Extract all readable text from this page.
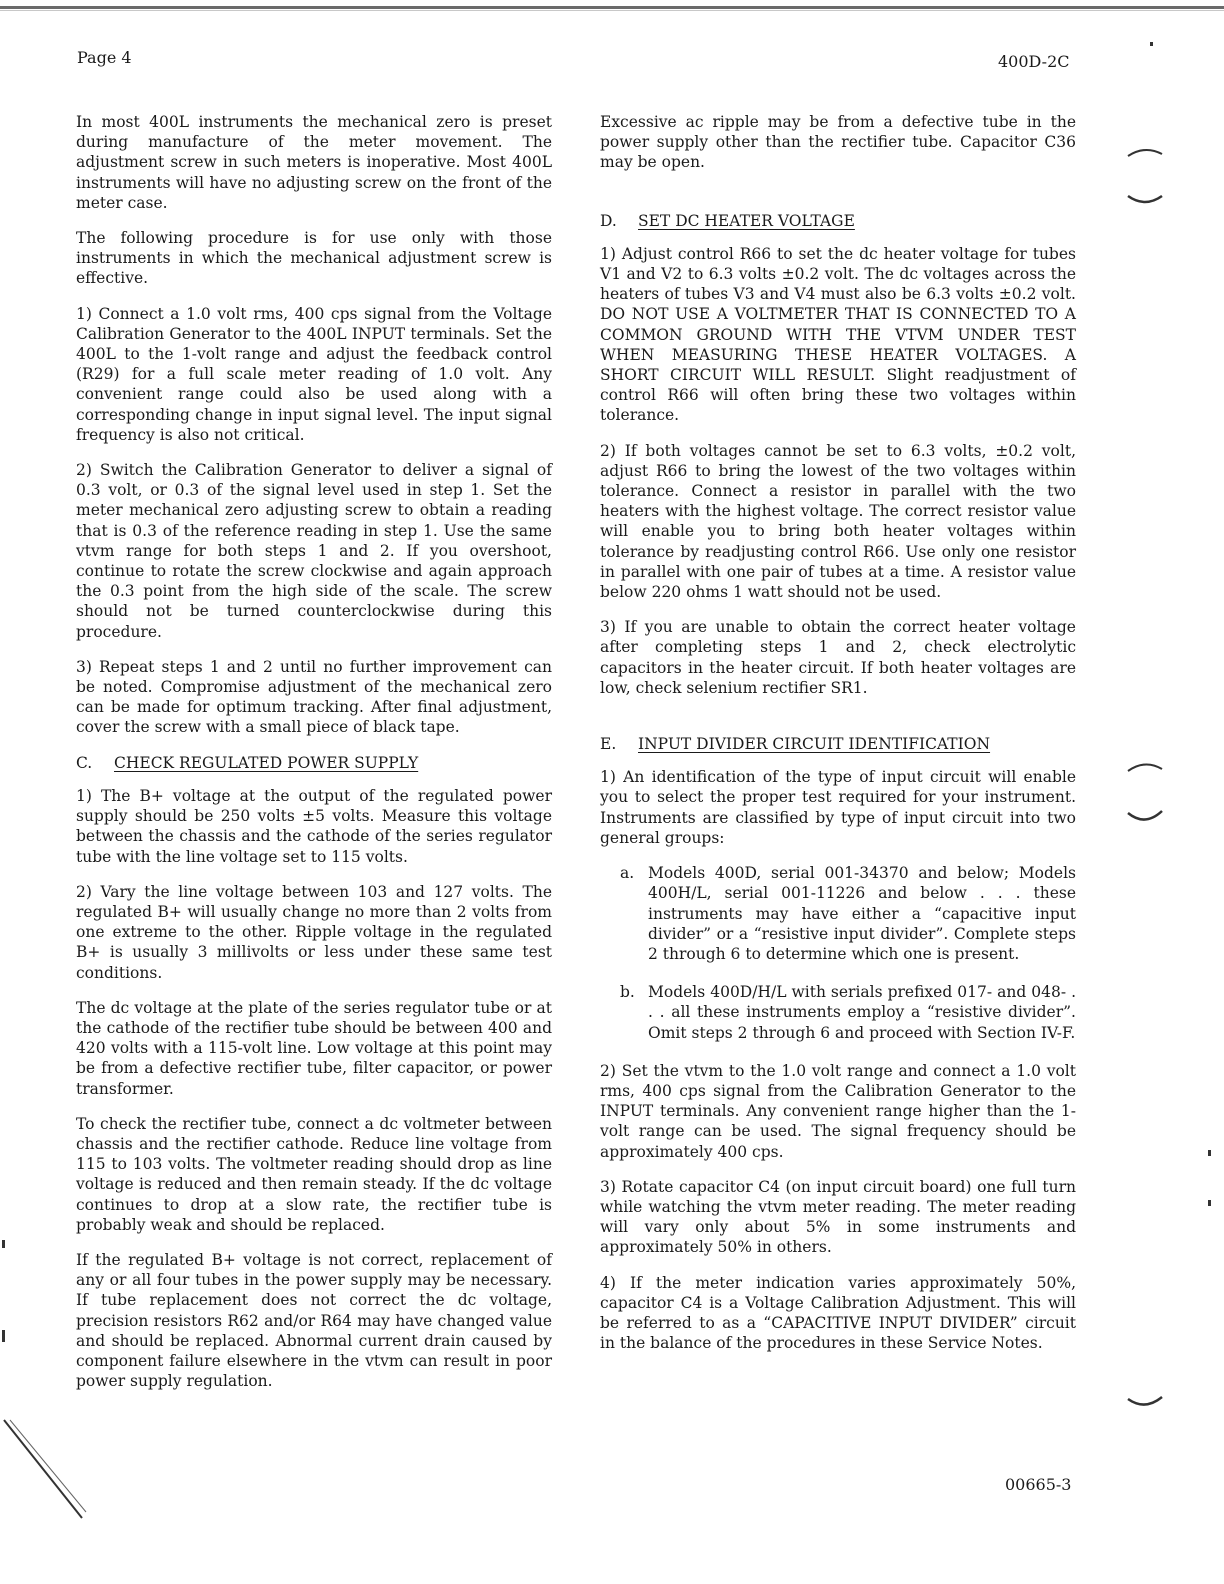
Page 4	400D-2C

In most 400L instruments the mechanical zero is preset during manufacture of the meter movement. The adjustment screw in such meters is inoperative. Most 400L instruments will have no adjusting screw on the front of the meter case.

The following procedure is for use only with those instruments in which the mechanical adjustment screw is effective.

1) Connect a 1.0 volt rms, 400 cps signal from the Voltage Calibration Generator to the 400L INPUT terminals. Set the 400L to the 1-volt range and adjust the feedback control (R29) for a full scale meter reading of 1.0 volt. Any convenient range could also be used along with a corresponding change in input signal level. The input signal frequency is also not critical.

2) Switch the Calibration Generator to deliver a signal of 0.3 volt, or 0.3 of the signal level used in step 1. Set the meter mechanical zero adjusting screw to obtain a reading that is 0.3 of the reference reading in step 1. Use the same vtvm range for both steps 1 and 2. If you overshoot, continue to rotate the screw clockwise and again approach the 0.3 point from the high side of the scale. The screw should not be turned counterclockwise during this procedure.

3) Repeat steps 1 and 2 until no further improvement can be noted. Compromise adjustment of the mechanical zero can be made for optimum tracking. After final adjustment, cover the screw with a small piece of black tape.

C. CHECK REGULATED POWER SUPPLY

1) The B+ voltage at the output of the regulated power supply should be 250 volts ±5 volts. Measure this voltage between the chassis and the cathode of the series regulator tube with the line voltage set to 115 volts.

2) Vary the line voltage between 103 and 127 volts. The regulated B+ will usually change no more than 2 volts from one extreme to the other. Ripple voltage in the regulated B+ is usually 3 millivolts or less under these same test conditions.

The dc voltage at the plate of the series regulator tube or at the cathode of the rectifier tube should be between 400 and 420 volts with a 115-volt line. Low voltage at this point may be from a defective rectifier tube, filter capacitor, or power transformer.

To check the rectifier tube, connect a dc voltmeter between chassis and the rectifier cathode. Reduce line voltage from 115 to 103 volts. The voltmeter reading should drop as line voltage is reduced and then remain steady. If the dc voltage continues to drop at a slow rate, the rectifier tube is probably weak and should be replaced.

If the regulated B+ voltage is not correct, replacement of any or all four tubes in the power supply may be necessary. If tube replacement does not correct the dc voltage, precision resistors R62 and/or R64 may have changed value and should be replaced. Abnormal current drain caused by component failure elsewhere in the vtvm can result in poor power supply regulation.

Excessive ac ripple may be from a defective tube in the power supply other than the rectifier tube. Capacitor C36 may be open.

D. SET DC HEATER VOLTAGE

1) Adjust control R66 to set the dc heater voltage for tubes V1 and V2 to 6.3 volts ±0.2 volt. The dc voltages across the heaters of tubes V3 and V4 must also be 6.3 volts ±0.2 volt. DO NOT USE A VOLTMETER THAT IS CONNECTED TO A COMMON GROUND WITH THE VTVM UNDER TEST WHEN MEASURING THESE HEATER VOLTAGES. A SHORT CIRCUIT WILL RESULT. Slight readjustment of control R66 will often bring these two voltages within tolerance.

2) If both voltages cannot be set to 6.3 volts, ±0.2 volt, adjust R66 to bring the lowest of the two voltages within tolerance. Connect a resistor in parallel with the two heaters with the highest voltage. The correct resistor value will enable you to bring both heater voltages within tolerance by readjusting control R66. Use only one resistor in parallel with one pair of tubes at a time. A resistor value below 220 ohms 1 watt should not be used.

3) If you are unable to obtain the correct heater voltage after completing steps 1 and 2, check electrolytic capacitors in the heater circuit. If both heater voltages are low, check selenium rectifier SR1.

E. INPUT DIVIDER CIRCUIT IDENTIFICATION

1) An identification of the type of input circuit will enable you to select the proper test required for your instrument. Instruments are classified by type of input circuit into two general groups:

a. Models 400D, serial 001-34370 and below; Models 400H/L, serial 001-11226 and below . . . these instruments may have either a “capacitive input divider” or a “resistive input divider”. Complete steps 2 through 6 to determine which one is present.
b. Models 400D/H/L with serials prefixed 017- and 048- . . . all these instruments employ a “resistive divider”. Omit steps 2 through 6 and proceed with Section IV-F.

2) Set the vtvm to the 1.0 volt range and connect a 1.0 volt rms, 400 cps signal from the Calibration Generator to the INPUT terminals. Any convenient range higher than the 1-volt range can be used. The signal frequency should be approximately 400 cps.

3) Rotate capacitor C4 (on input circuit board) one full turn while watching the vtvm meter reading. The meter reading will vary only about 5% in some instruments and approximately 50% in others.

4) If the meter indication varies approximately 50%, capacitor C4 is a Voltage Calibration Adjustment. This will be referred to as a “CAPACITIVE INPUT DIVIDER” circuit in the balance of the procedures in these Service Notes.

00665-3
